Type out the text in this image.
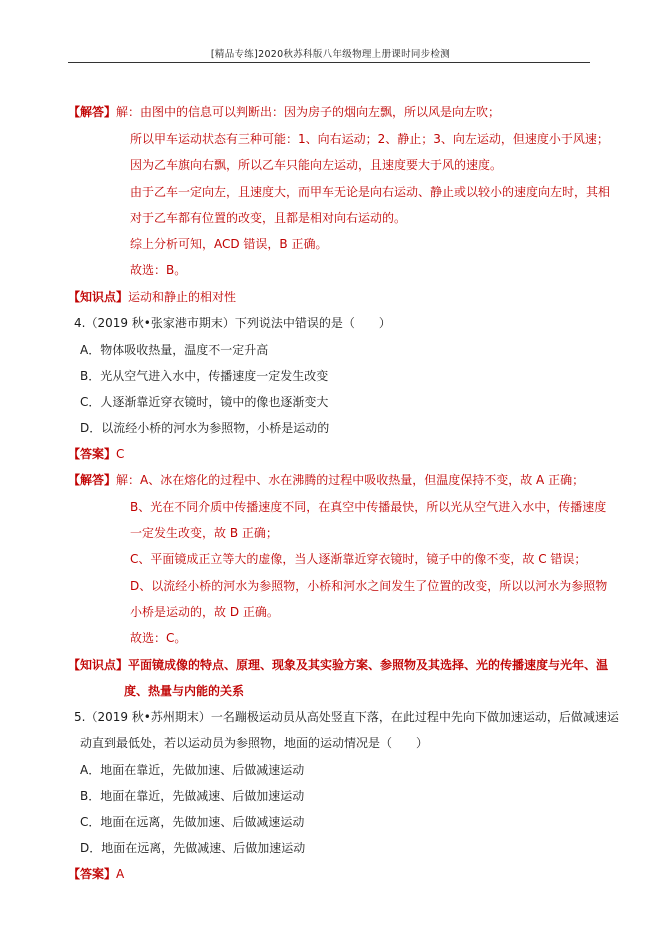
[精品专练]2020秋苏科版八年级物理上册课时同步检测
【解答】解：由图中的信息可以判断出：因为房子的烟向左飘，所以风是向左吹；
所以甲车运动状态有三种可能：1、向右运动；2、静止；3、向左运动，但速度小于风速；
因为乙车旗向右飘，所以乙车只能向左运动，且速度要大于风的速度。
由于乙车一定向左，且速度大，而甲车无论是向右运动、静止或以较小的速度向左时，其相
对于乙车都有位置的改变，且都是相对向右运动的。
综上分析可知，ACD 错误，B 正确。
故选：B。
【知识点】运动和静止的相对性
4.（2019 秋•张家港市期末）下列说法中错误的是（　　）
A．物体吸收热量，温度不一定升高
B．光从空气进入水中，传播速度一定发生改变
C．人逐渐靠近穿衣镜时，镜中的像也逐渐变大
D．以流经小桥的河水为参照物，小桥是运动的
【答案】C
【解答】解：A、冰在熔化的过程中、水在沸腾的过程中吸收热量，但温度保持不变，故 A 正确；
B、光在不同介质中传播速度不同，在真空中传播最快，所以光从空气进入水中，传播速度
一定发生改变，故 B 正确；
C、平面镜成正立等大的虚像，当人逐渐靠近穿衣镜时，镜子中的像不变，故 C 错误；
D、以流经小桥的河水为参照物，小桥和河水之间发生了位置的改变，所以以河水为参照物
小桥是运动的，故 D 正确。
故选：C。
【知识点】平面镜成像的特点、原理、现象及其实验方案、参照物及其选择、光的传播速度与光年、温
度、热量与内能的关系
5.（2019 秋•苏州期末）一名蹦极运动员从高处竖直下落，在此过程中先向下做加速运动，后做减速运
动直到最低处，若以运动员为参照物，地面的运动情况是（　　）
A．地面在靠近，先做加速、后做减速运动
B．地面在靠近，先做减速、后做加速运动
C．地面在远离，先做加速、后做减速运动
D．地面在远离，先做减速、后做加速运动
【答案】A
